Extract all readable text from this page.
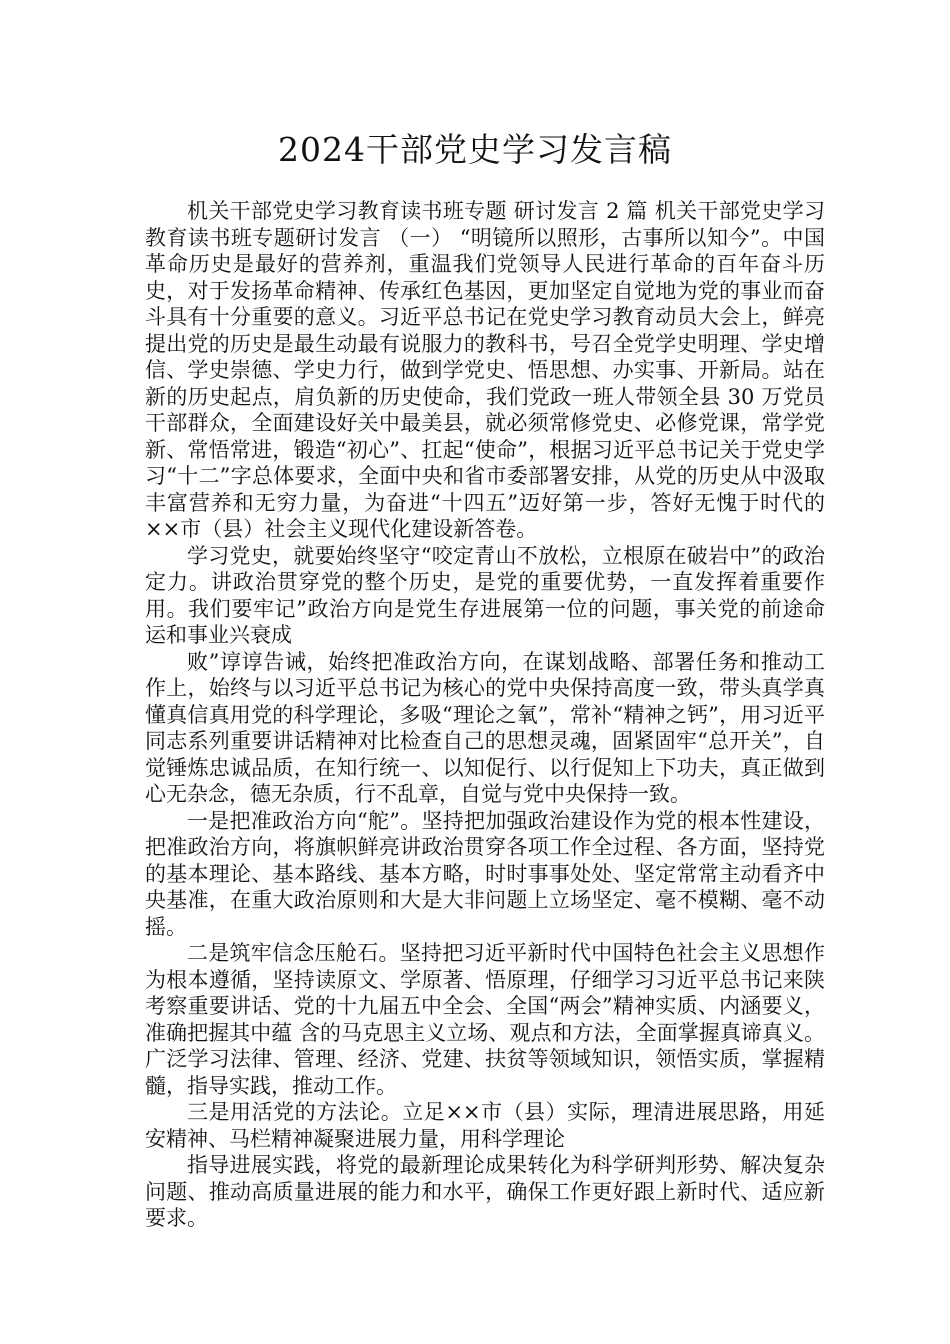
2024干部党史学习发言稿

机关干部党史学习教育读书班专题 研讨发言 2 篇 机关干部党史学习教育读书班专题研讨发言 （一） “明镜所以照形，古事所以知今”。中国革命历史是最好的营养剂，重温我们党领导人民进行革命的百年奋斗历史，对于发扬革命精神、传承红色基因，更加坚定自觉地为党的事业而奋斗具有十分重要的意义。习近平总书记在党史学习教育动员大会上，鲜亮提出党的历史是最生动最有说服力的教科书，号召全党学史明理、学史增信、学史崇德、学史力行，做到学党史、悟思想、办实事、开新局。站在新的历史起点，肩负新的历史使命，我们党政一班人带领全县 30 万党员干部群众，全面建设好关中最美县，就必须常修党史、必修党课，常学党新、常悟常进，锻造“初心”、扛起“使命”，根据习近平总书记关于党史学习“十二”字总体要求，全面中央和省市委部署安排，从党的历史从中汲取丰富营养和无穷力量，为奋进“十四五”迈好第一步，答好无愧于时代的××市（县）社会主义现代化建设新答卷。

学习党史，就要始终坚守“咬定青山不放松，立根原在破岩中”的政治定力。讲政治贯穿党的整个历史，是党的重要优势，一直发挥着重要作用。我们要牢记”政治方向是党生存进展第一位的问题，事关党的前途命运和事业兴衰成

败”谆谆告诫，始终把准政治方向，在谋划战略、部署任务和推动工作上，始终与以习近平总书记为核心的党中央保持高度一致，带头真学真懂真信真用党的科学理论，多吸“理论之氧”，常补“精神之钙”，用习近平同志系列重要讲话精神对比检查自己的思想灵魂，固紧固牢“总开关”，自觉锤炼忠诚品质，在知行统一、以知促行、以行促知上下功夫，真正做到心无杂念，德无杂质，行不乱章，自觉与党中央保持一致。

一是把准政治方向“舵”。坚持把加强政治建设作为党的根本性建设，把准政治方向，将旗帜鲜亮讲政治贯穿各项工作全过程、各方面，坚持党的基本理论、基本路线、基本方略，时时事事处处、坚定常常主动看齐中央基准，在重大政治原则和大是大非问题上立场坚定、毫不模糊、毫不动摇。

二是筑牢信念压舱石。坚持把习近平新时代中国特色社会主义思想作为根本遵循，坚持读原文、学原著、悟原理，仔细学习习近平总书记来陕考察重要讲话、党的十九届五中全会、全国“两会”精神实质、内涵要义，准确把握其中蕴 含的马克思主义立场、观点和方法，全面掌握真谛真义。广泛学习法律、管理、经济、党建、扶贫等领域知识，领悟实质，掌握精髓，指导实践，推动工作。

三是用活党的方法论。立足××市（县）实际，理清进展思路，用延安精神、马栏精神凝聚进展力量，用科学理论

指导进展实践，将党的最新理论成果转化为科学研判形势、解决复杂问题、推动高质量进展的能力和水平，确保工作更好跟上新时代、适应新要求。
